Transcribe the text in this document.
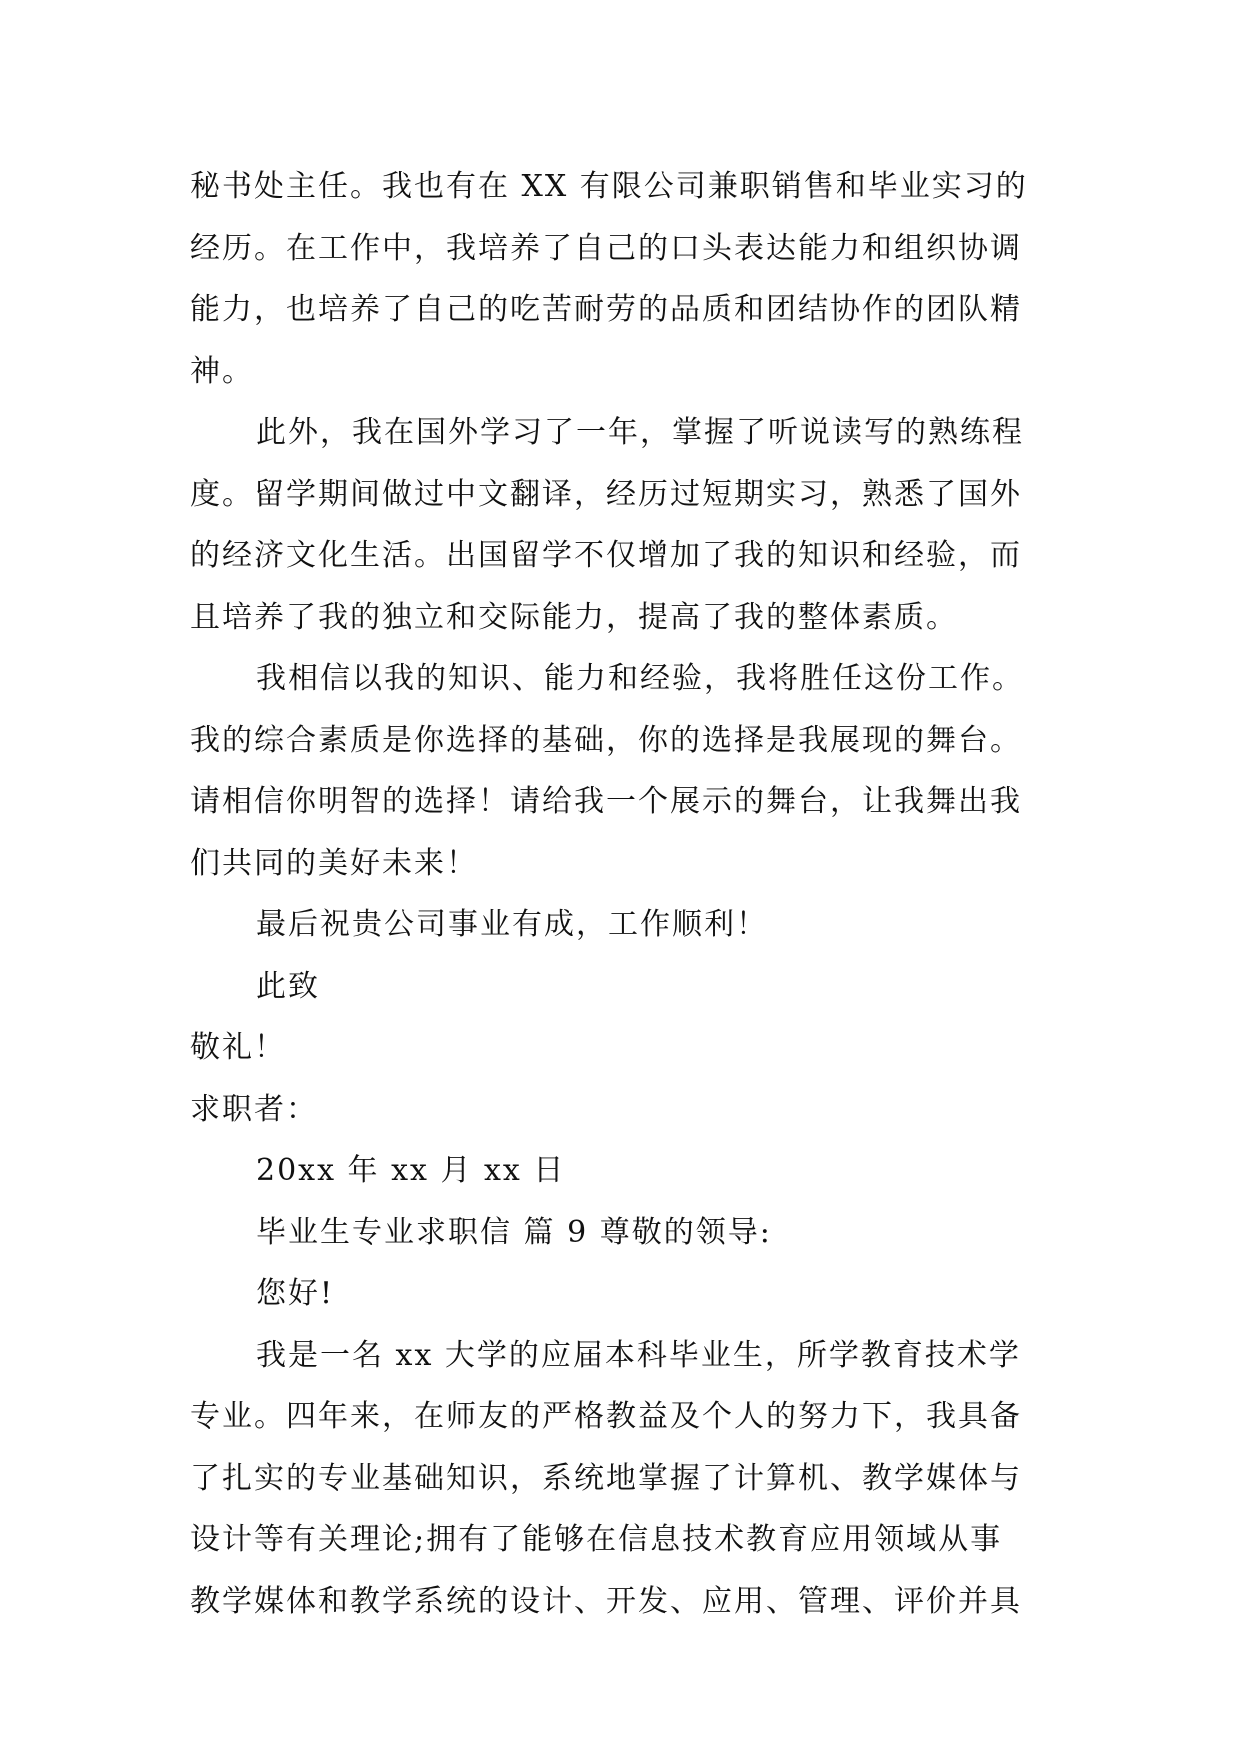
秘书处主任。我也有在 XX 有限公司兼职销售和毕业实习的
经历。在工作中，我培养了自己的口头表达能力和组织协调
能力，也培养了自己的吃苦耐劳的品质和团结协作的团队精
神。
此外，我在国外学习了一年，掌握了听说读写的熟练程
度。留学期间做过中文翻译，经历过短期实习，熟悉了国外
的经济文化生活。出国留学不仅增加了我的知识和经验，而
且培养了我的独立和交际能力，提高了我的整体素质。
我相信以我的知识、能力和经验，我将胜任这份工作。
我的综合素质是你选择的基础，你的选择是我展现的舞台。
请相信你明智的选择！请给我一个展示的舞台，让我舞出我
们共同的美好未来！
最后祝贵公司事业有成，工作顺利！
此致
敬礼！
求职者：
20xx 年 xx 月 xx 日
毕业生专业求职信 篇 9 尊敬的领导:
您好!
我是一名 xx 大学的应届本科毕业生，所学教育技术学
专业。四年来，在师友的严格教益及个人的努力下，我具备
了扎实的专业基础知识，系统地掌握了计算机、教学媒体与
设计等有关理论;拥有了能够在信息技术教育应用领域从事
教学媒体和教学系统的设计、开发、应用、管理、评价并具
